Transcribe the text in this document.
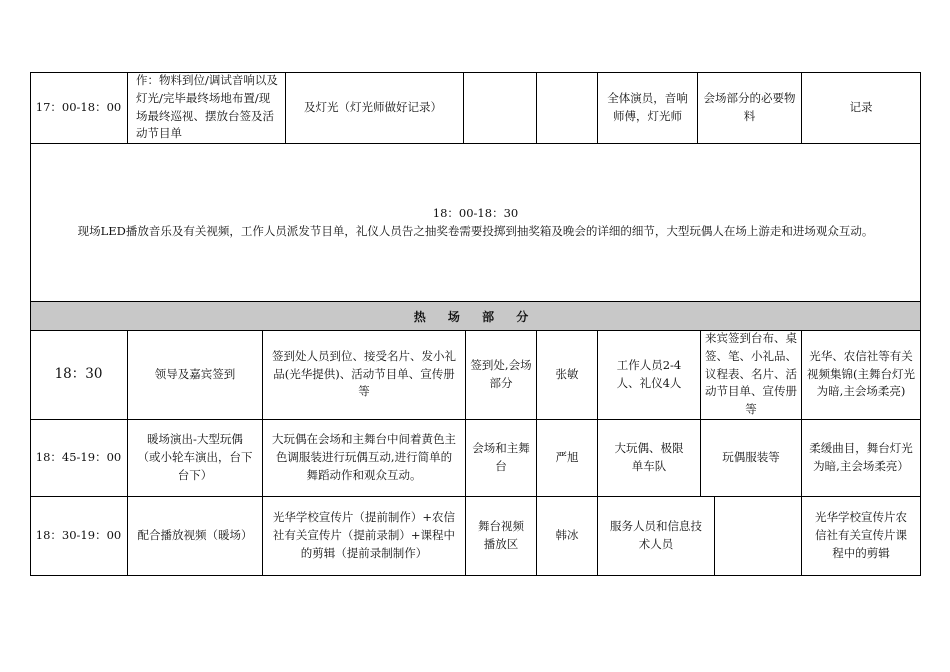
17：00-18：00
作：物料到位/调试音响以及灯光/完毕最终场地布置/现场最终巡视、摆放台签及活动节目单
及灯光（灯光师做好记录）
全体演员，音响师傅，灯光师
会场部分的必要物料
记录
18：00-18：30
现场LED播放音乐及有关视频，工作人员派发节目单，礼仪人员告之抽奖卷需要投掷到抽奖箱及晚会的详细的细节，大型玩偶人在场上游走和进场观众互动。
热 场 部 分
18：30	领导及嘉宾签到
签到处人员到位、接受名片、发小礼品(光华提供)、活动节目单、宣传册等
签到处,会场部分
张敏
工作人员2-4人、礼仪4人
来宾签到台布、桌签、笔、小礼品、议程表、名片、活动节目单、宣传册等
光华、农信社等有关视频集锦(主舞台灯光为暗,主会场柔亮)
18：45-19：00
暖场演出-大型玩偶（或小轮车演出，台下台下）
大玩偶在会场和主舞台中间着黄色主色调服装进行玩偶互动,进行简单的舞蹈动作和观众互动。
会场和主舞台
严旭
大玩偶、极限单车队
玩偶服装等
柔缓曲目，舞台灯光为暗,主会场柔亮）
18：30-19：00	配合播放视频（暖场）
光华学校宣传片（提前制作）+农信社有关宣传片（提前录制）+课程中的剪辑（提前录制制作）
舞台视频播放区
韩冰
服务人员和信息技术人员
光华学校宣传片农信社有关宣传片课程中的剪辑
